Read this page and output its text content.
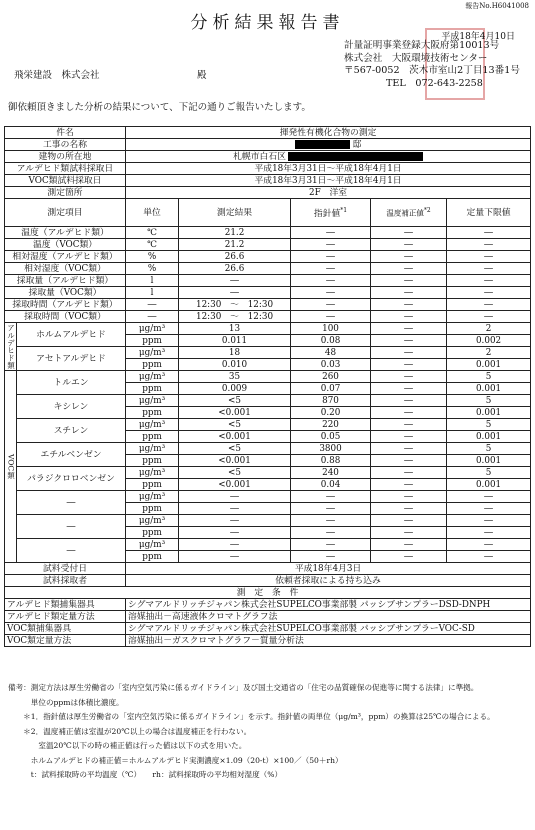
報告No.H6041008
分析結果報告書
平成18年4月10日
計量証明事業登録大阪府第10013号
株式会社　大阪環境技術センター
〒567-0052　茨木市室山2丁目13番1号
TEL　072-643-2258
飛栄建設　株式会社	殿
御依頼頂きました分析の結果について、下記の通りご報告いたします。
件名		揮発性有機化合物の測定				
工事の名称		邸				
建物の所在地		札幌市白石区				
アルデヒド類試料採取日		平成18年3月31日～平成18年4月1日				
VOC類試料採取日		平成18年3月31日～平成18年4月1日				
測定箇所		2F　洋室				
測定項目		単位	測定結果	指針値$^{*1}$	温度補正値$^{*2}$	定量下限値
温度（アルデヒド類）		℃	21.2	―	―	―
温度（VOC類）		℃	21.2	―	―	―
相対湿度（アルデヒド類）		%	26.6	―	―	―
相対湿度（VOC類）		%	26.6	―	―	―
採取量（アルデヒド類）		l	―	―	―	―
採取量（VOC類）		l	―	―	―	―
採取時間（アルデヒド類）		―	12:30　～　12:30	―	―	―
採取時間（VOC類）		―	12:30　～　12:30	―	―	―
アルデヒド類	ホルムアルデヒド	μg/m³	13	100	―	2
		ppm	0.011	0.08	―	0.002
	アセトアルデヒド	μg/m³	18	48	―	2
		ppm	0.010	0.03	―	0.001
VOC類	トルエン	μg/m³	35	260	―	5
		ppm	0.009	0.07	―	0.001
	キシレン	μg/m³	<5	870	―	5
		ppm	<0.001	0.20	―	0.001
	スチレン	μg/m³	<5	220	―	5
		ppm	<0.001	0.05	―	0.001
	エチルベンゼン	μg/m³	<5	3800	―	5
		ppm	<0.001	0.88	―	0.001
	パラジクロロベンゼン	μg/m³	<5	240	―	5
		ppm	<0.001	0.04	―	0.001
	―	μg/m³	―	―	―	―
		ppm	―	―	―	―
	―	μg/m³	―	―	―	―
		ppm	―	―	―	―
	―	μg/m³	―	―	―	―
		ppm	―	―	―	―
試料受付日		平成18年4月3日				
試料採取者		依頼者採取による持ち込み				
測　定　条　件						
アルデヒド類捕集器具		シグマアルドリッチジャパン株式会社SUPELCO事業部製 パッシブサンプラーDSD-DNPH				
アルデヒド類定量方法		溶媒抽出－高速液体クロマトグラフ法				
VOC類捕集器具		シグマアルドリッチジャパン株式会社SUPELCO事業部製 パッシブサンプラーVOC-SD				
VOC類定量方法		溶媒抽出－ガスクロマトグラフ－質量分析法				
備考：測定方法は厚生労働省の「室内空気汚染に係るガイドライン」及び国土交通省の「住宅の品質確保の促進等に関する法律」に準拠。
　　　単位のppmは体積比濃度。
　　＊1．指針値は厚生労働省の「室内空気汚染に係るガイドライン」を示す。指針値の両単位（μg/m³，ppm）の換算は25℃の場合による。
　　＊2．温度補正値は室温が20℃以上の場合は温度補正を行わない。
　　　　室温20℃以下の時の補正値は行った値は以下の式を用いた。
　　　ホルムアルデヒドの補正値＝ホルムアルデヒド実測濃度×1.09（20-t）×100／（50＋rh）
　　　t：試料採取時の平均温度（℃）　　rh：試料採取時の平均相対湿度（%）
